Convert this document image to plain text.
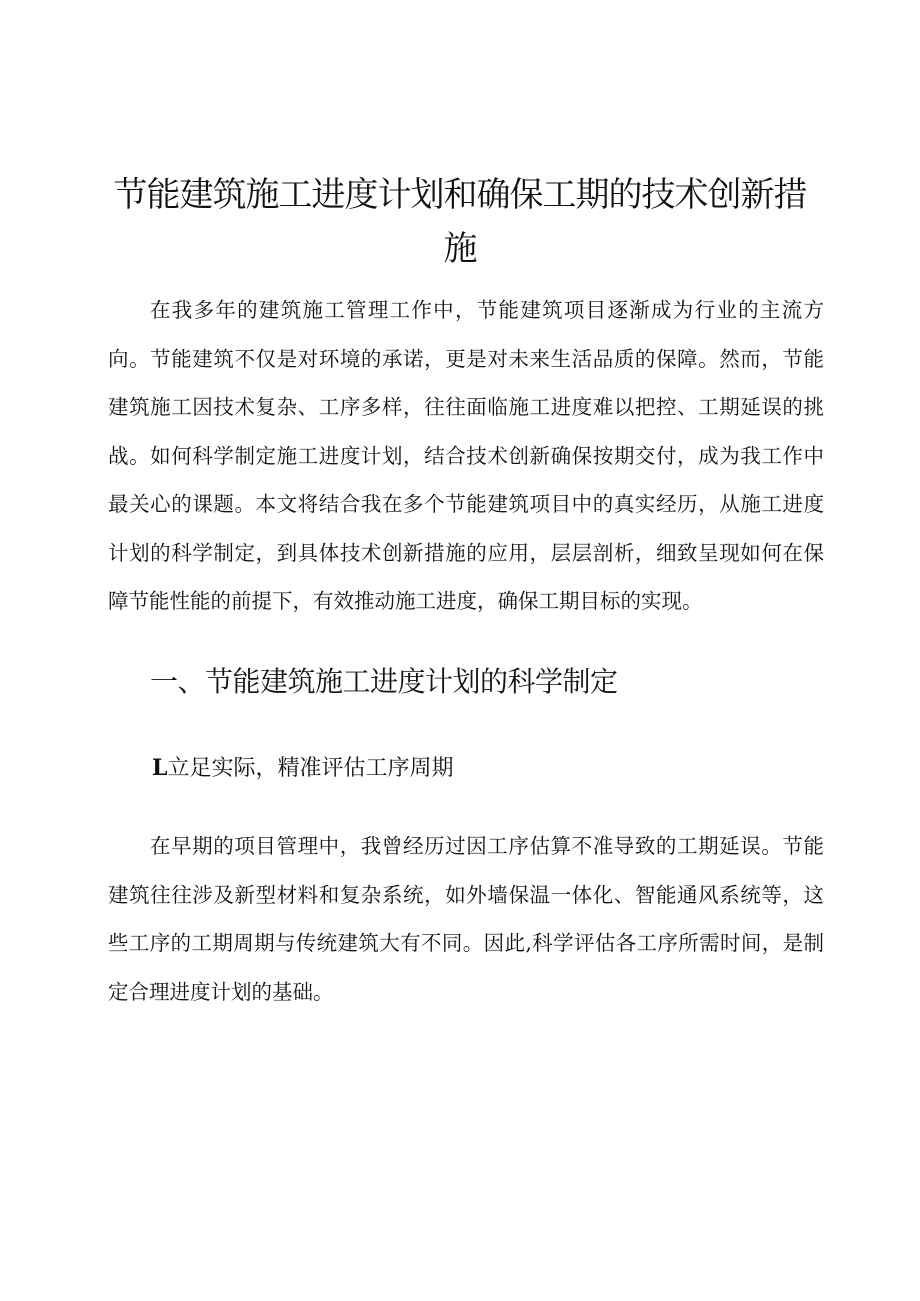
节能建筑施工进度计划和确保工期的技术创新措施

在我多年的建筑施工管理工作中，节能建筑项目逐渐成为行业的主流方向。节能建筑不仅是对环境的承诺，更是对未来生活品质的保障。然而，节能建筑施工因技术复杂、工序多样，往往面临施工进度难以把控、工期延误的挑战。如何科学制定施工进度计划，结合技术创新确保按期交付，成为我工作中最关心的课题。本文将结合我在多个节能建筑项目中的真实经历，从施工进度计划的科学制定，到具体技术创新措施的应用，层层剖析，细致呈现如何在保障节能性能的前提下，有效推动施工进度，确保工期目标的实现。

一、节能建筑施工进度计划的科学制定
L立足实际，精准评估工序周期

在早期的项目管理中，我曾经历过因工序估算不准导致的工期延误。节能建筑往往涉及新型材料和复杂系统，如外墙保温一体化、智能通风系统等，这些工序的工期周期与传统建筑大有不同。因此,科学评估各工序所需时间，是制定合理进度计划的基础。
